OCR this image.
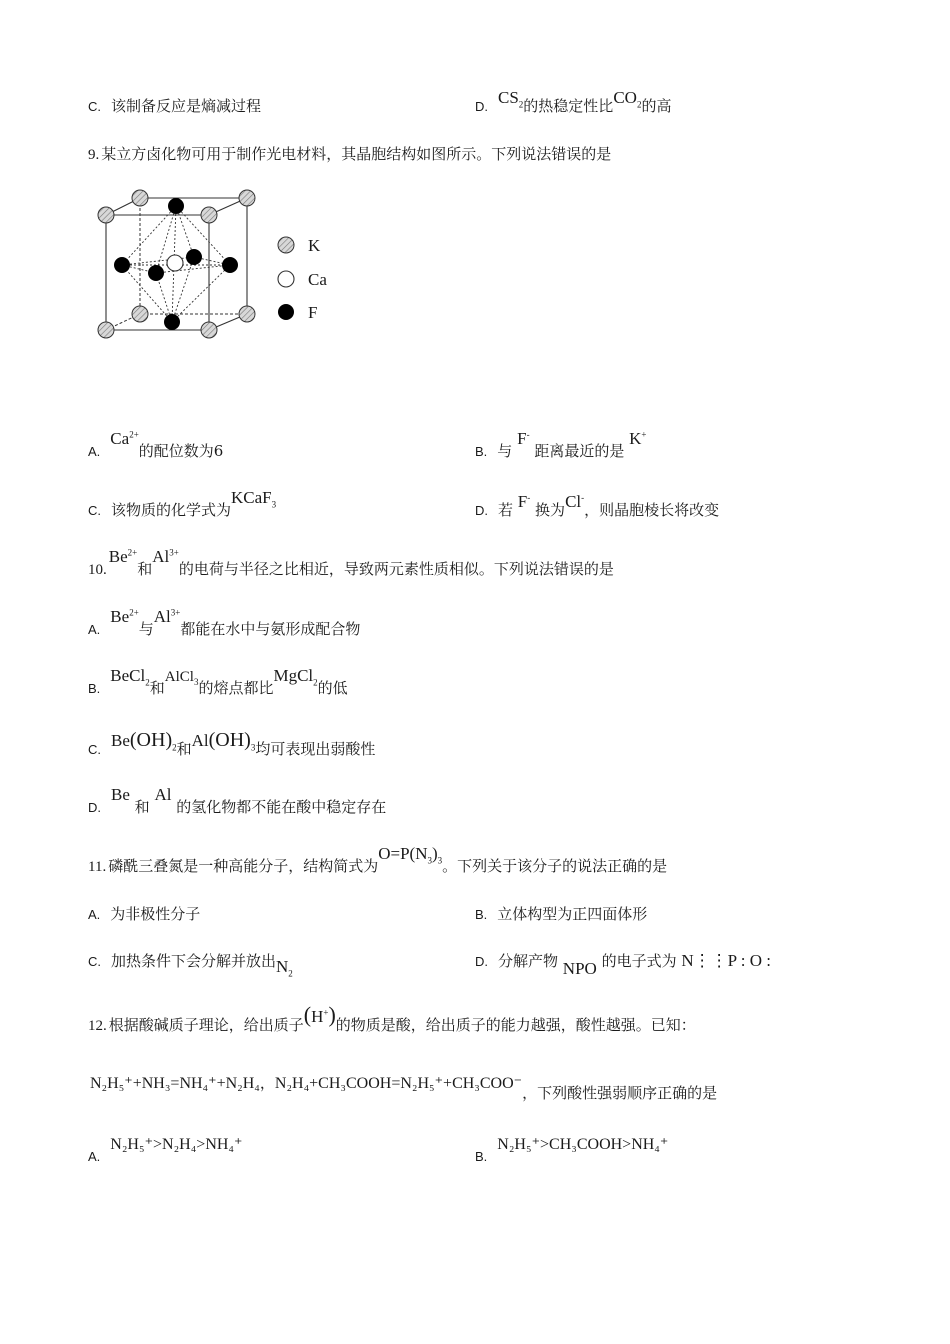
C. 该制备反应是熵减过程	D. $CS_2$的热稳定性比$CO_2$的高
9. 某立方卤化物可用于制作光电材料，其晶胞结构如图所示。下列说法错误的是
K
Ca
F
$A.Ca^{2+}$的配位数为6	B. 与 F- 距离最近的是 K+
C. 该物质的化学式为KCaF$_3$	D. 若 F- 换为Cl-，则晶胞棱长将改变
$10.Be^{2+}$和$Al^{3+}$的电荷与半径之比相近，导致两元素性质相似。下列说法错误的是
$A.Be^{2+}$与$Al^{3+}$都能在水中与氨形成配合物
B.BeCl$_2$和AlCl$_3$的熔点都比MgCl$_2$的低
C. $Be(OH)_2$和$Al(OH)_3$均可表现出弱酸性
D.Be 和 Al 的氢化物都不能在酸中稳定存在
11. 磷酰三叠氮是一种高能分子，结构简式为$O=P(N_3)_3$。下列关于该分子的说法正确的是
A. 为非极性分子	B. 立体构型为正四面体形
C. 加热条件下会分解并放出$N_2$
D. 分解产物 NPO 的电子式为 N⋮⋮P : O :
12. 根据酸碱质子理论，给出质子(H+)的物质是酸，给出质子的能力越强，酸性越强。已知：
N₂H₅⁺+NH₃=NH₄⁺+N₂H₄，N₂H₄+CH₃COOH=N₂H₅⁺+CH₃COO⁻，下列酸性强弱顺序正确的是
A.N₂H₅⁺>N₂H₄>NH₄⁺
B.N₂H₅⁺>CH₃COOH>NH₄⁺
